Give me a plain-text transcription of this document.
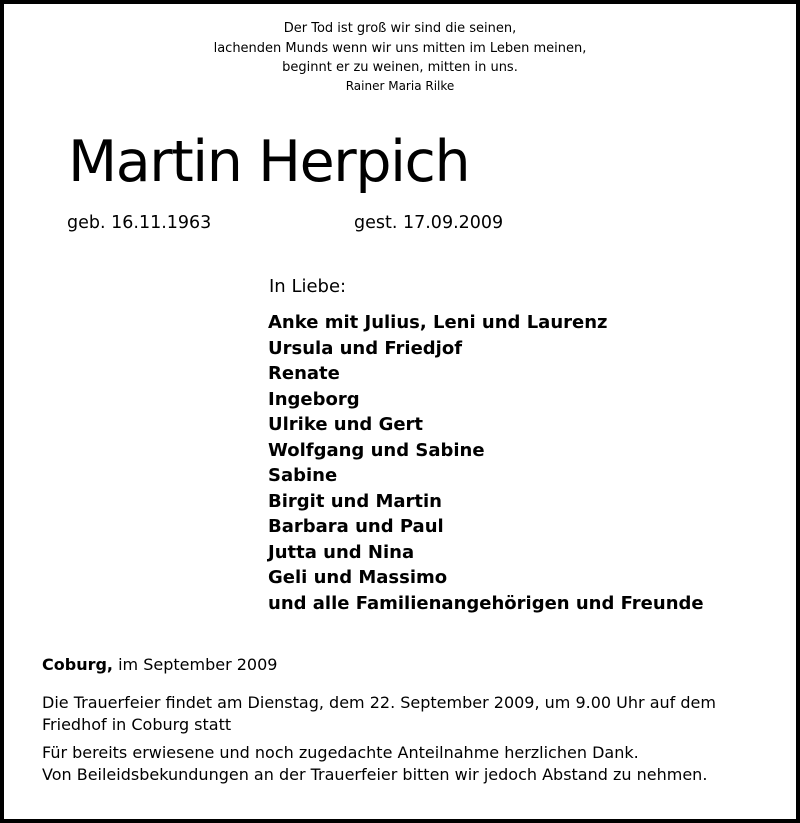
Der Tod ist groß wir sind die seinen,
lachenden Munds wenn wir uns mitten im Leben meinen,
beginnt er zu weinen, mitten in uns.
Rainer Maria Rilke
Martin Herpich
geb. 16.11.1963	gest. 17.09.2009
In Liebe:
Anke mit Julius, Leni und Laurenz
Ursula und Friedjof
Renate
Ingeborg
Ulrike und Gert
Wolfgang und Sabine
Sabine
Birgit und Martin
Barbara und Paul
Jutta und Nina
Geli und Massimo
und alle Familienangehörigen und Freunde
Coburg, im September 2009
Die Trauerfeier findet am Dienstag, dem 22. September 2009, um 9.00 Uhr auf dem
Friedhof in Coburg statt
Für bereits erwiesene und noch zugedachte Anteilnahme herzlichen Dank.
Von Beileidsbekundungen an der Trauerfeier bitten wir jedoch Abstand zu nehmen.
